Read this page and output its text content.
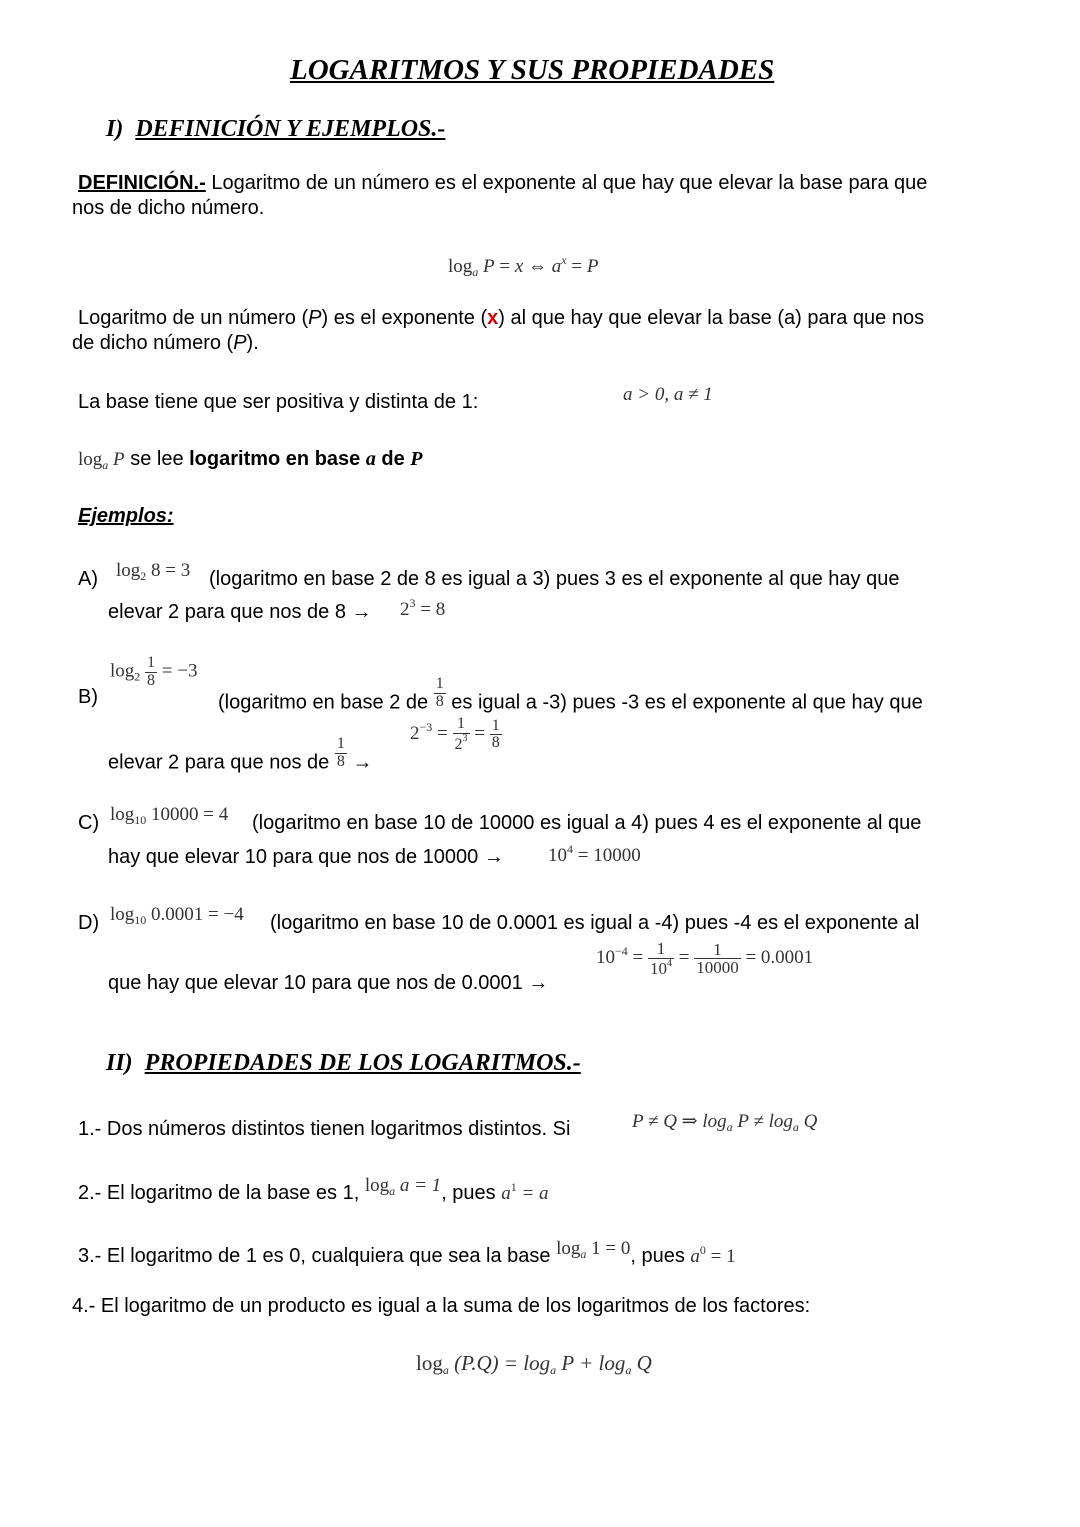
LOGARITMOS Y SUS PROPIEDADES
I) DEFINICIÓN Y EJEMPLOS.-
DEFINICIÓN.- Logaritmo de un número es el exponente al que hay que elevar la base para que
nos de dicho número.
$\log_a P = x$ ⇔ $a^x = P$
Logaritmo de un número (P) es el exponente (x) al que hay que elevar la base (a) para que nos
de dicho número (P).
La base tiene que ser positiva y distinta de 1:	a > 0, a ≠ 1
$\log_a P$ se lee logaritmo en base a de P
Ejemplos:
A) $\log_2 8 = 3$ (logaritmo en base 2 de 8 es igual a 3) pues 3 es el exponente al que hay que
elevar 2 para que nos de $8 \to 2^3 = 8$
B)
$\log_2 \frac{1}{8} = -3$
(logaritmo en base 2 de $\frac{1}{8}$ es igual a -3) pues -3 es el exponente al que hay que
elevar 2 para que nos de $\frac{1}{8}$ →
$2^{-3} = \frac{1}{2^3} = \frac{1}{8}$
C) $\log_{10} 10000 = 4$ (logaritmo en base 10 de 10000 es igual a 4) pues 4 es el exponente al que
hay que elevar 10 para que nos de $10000 \to 10^4 = 10000$
D) $\log_{10} 0.0001 = -4$ (logaritmo en base 10 de 0.0001 es igual a -4) pues -4 es el exponente al
que hay que elevar 10 para que nos de 0.0001 →
$10^{-4} = \frac{1}{10^4} = \frac{1}{10000} = 0.0001$
II) PROPIEDADES DE LOS LOGARITMOS.-
1.- Dos números distintos tienen logaritmos distintos. Si	P ≠ Q ⇒ $\log_a P \ne \log_a Q$
2.- El logaritmo de la base es 1, $\log_a a = 1$, pues $a^1 = a$
3.- El logaritmo de 1 es 0, cualquiera que sea la base $\log_a 1 = 0$, pues $a^0 = 1$
4.- El logaritmo de un producto es igual a la suma de los logaritmos de los factores:
$\log_a (P.Q) = \log_a P + \log_a Q$
